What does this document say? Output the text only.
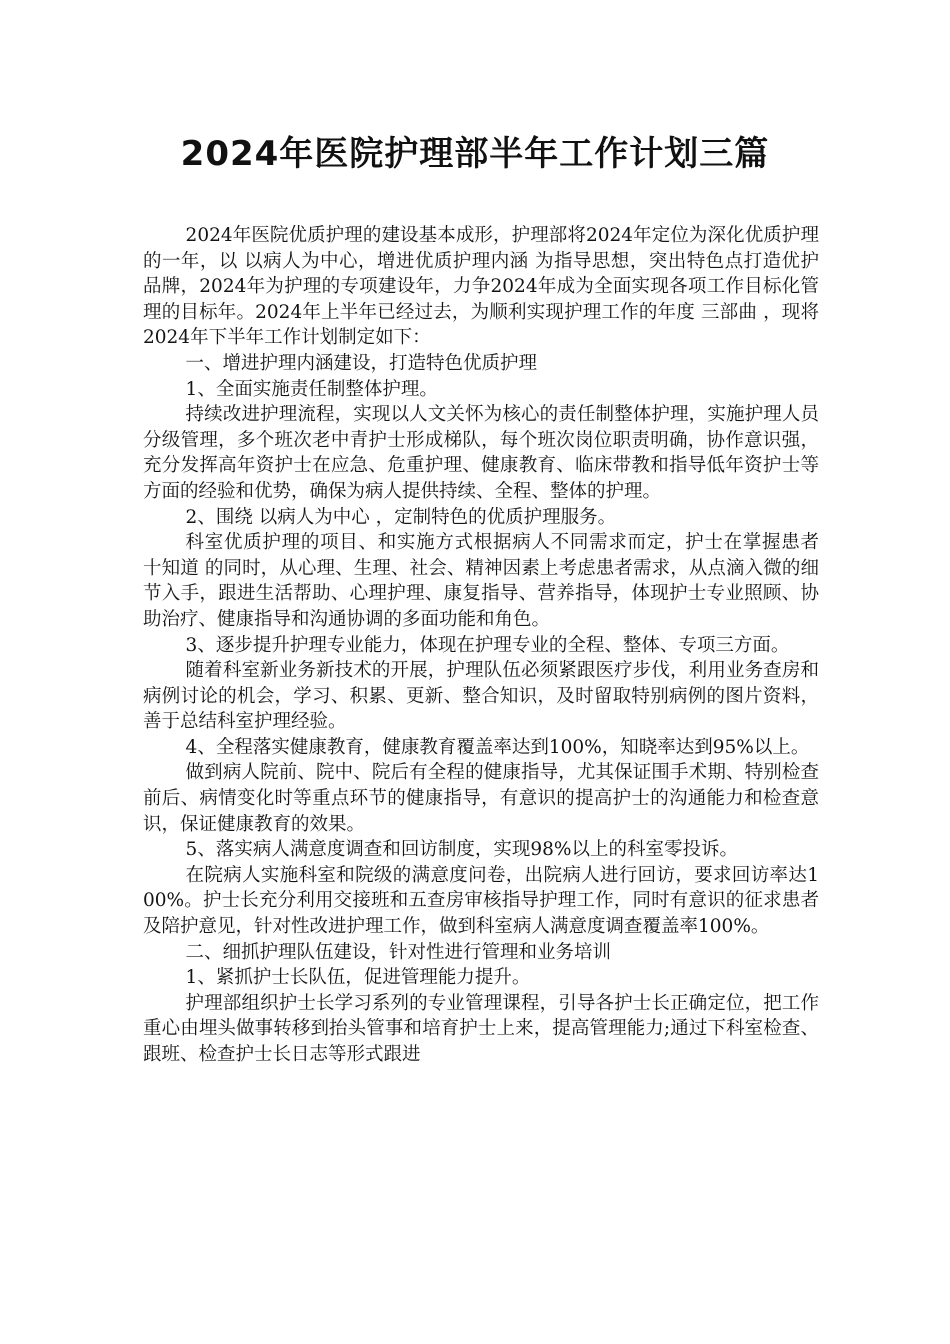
2024年医院护理部半年工作计划三篇

2024年医院优质护理的建设基本成形，护理部将2024年定位为深化优质护理的一年，以 以病人为中心，增进优质护理内涵 为指导思想，突出特色点打造优护品牌，2024年为护理的专项建设年，力争2024年成为全面实现各项工作目标化管理的目标年。2024年上半年已经过去，为顺利实现护理工作的年度 三部曲 ，现将2024年下半年工作计划制定如下：

一、增进护理内涵建设，打造特色优质护理

1、全面实施责任制整体护理。

持续改进护理流程，实现以人文关怀为核心的责任制整体护理，实施护理人员分级管理，多个班次老中青护士形成梯队，每个班次岗位职责明确，协作意识强，充分发挥高年资护士在应急、危重护理、健康教育、临床带教和指导低年资护士等方面的经验和优势，确保为病人提供持续、全程、整体的护理。

2、围绕 以病人为中心 ，定制特色的优质护理服务。

科室优质护理的项目、和实施方式根据病人不同需求而定，护士在掌握患者 十知道 的同时，从心理、生理、社会、精神因素上考虑患者需求，从点滴入微的细节入手，跟进生活帮助、心理护理、康复指导、营养指导，体现护士专业照顾、协助治疗、健康指导和沟通协调的多面功能和角色。

3、逐步提升护理专业能力，体现在护理专业的全程、整体、专项三方面。

随着科室新业务新技术的开展，护理队伍必须紧跟医疗步伐，利用业务查房和病例讨论的机会，学习、积累、更新、整合知识，及时留取特别病例的图片资料，善于总结科室护理经验。

4、全程落实健康教育，健康教育覆盖率达到100%，知晓率达到95%以上。

做到病人院前、院中、院后有全程的健康指导，尤其保证围手术期、特别检查前后、病情变化时等重点环节的健康指导，有意识的提高护士的沟通能力和检查意识，保证健康教育的效果。

5、落实病人满意度调查和回访制度，实现98%以上的科室零投诉。

在院病人实施科室和院级的满意度问卷，出院病人进行回访，要求回访率达100%。护士长充分利用交接班和五查房审核指导护理工作，同时有意识的征求患者及陪护意见，针对性改进护理工作，做到科室病人满意度调查覆盖率100%。

二、细抓护理队伍建设，针对性进行管理和业务培训

1、紧抓护士长队伍，促进管理能力提升。

护理部组织护士长学习系列的专业管理课程，引导各护士长正确定位，把工作重心由埋头做事转移到抬头管事和培育护士上来，提高管理能力;通过下科室检查、跟班、检查护士长日志等形式跟进
